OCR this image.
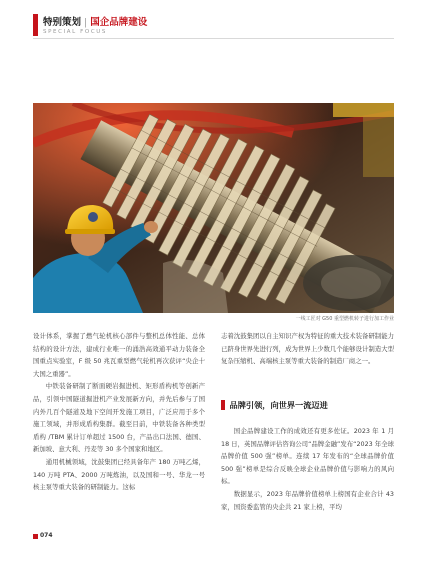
特别策划 | 国企品牌建设
SPECIAL FOCUS
一线工匠对 G50 重型燃机转子进行加工作业

设计体系，掌握了燃气轮机核心部件与整机总体性能、总体结构的设计方法，建成行业唯一的涌浩高效通平动力装备全国重点实验室，F 级 50 兆瓦重型燃气轮机再次获评“央企十大国之重器”。

中铁装备研制了断面硬岩掘进机、矩形盾构机等创新产品，引领中国隧道掘进机产业发展新方向，并先后参与了国内外几百个隧道及地下空间开发施工项目，广泛应用于多个施工领域，并形成盾构集群。截至目前，中铁装备各种类型盾构 /TBM 累计订单超过 1500 台，产品出口法国、德国、新加坡、意大利、丹麦等 30 多个国家和地区。

通用机械领域，沈鼓集团已经具备年产 180 万吨乙烯，140 万吨 PTA、2000 万吨炼油，以及国和一号、华龙一号核主泵等重大装备的研制能力。这标

志着沈鼓集团以自主知识产权为特征的重大技术装备研制能力已跻身世界先进行列，成为世界上少数几个能够设计制造大型复杂压缩机、高端核主泵等重大装备的制造厂商之一。

品牌引领，向世界一流迈进

国企品牌建设工作的成效还有更多佐证。2023 年 1 月 18 日，英国品牌评估咨询公司“品牌金融”发布“2023 年全球品牌价值 500 强”榜单。连续 17 年发布的“全球品牌价值 500 强”榜单是综合反映全球企业品牌价值与影响力的风向标。

数据显示，2023 年品牌价值榜单上榜国有企业合计 43 家，国资委监管的央企共 21 家上榜，平均

074
